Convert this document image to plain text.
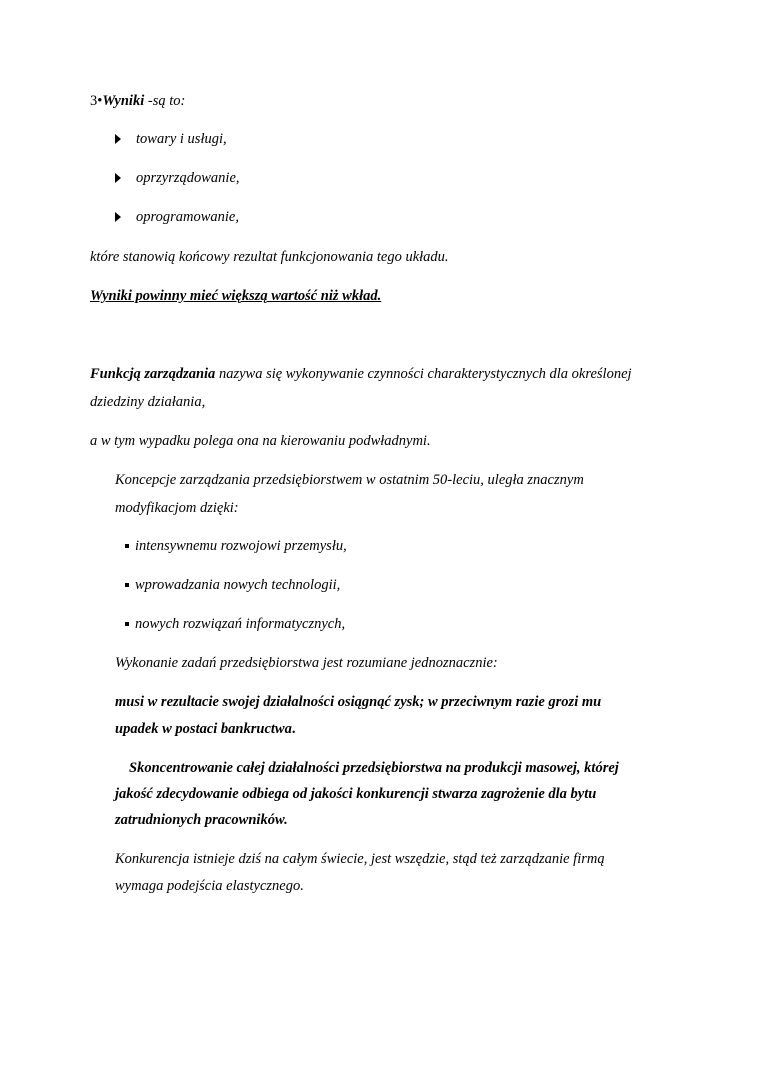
3•Wyniki -są to:
towary i usługi,
oprzyrządowanie,
oprogramowanie,
które stanowią końcowy rezultat funkcjonowania tego układu.
Wyniki powinny mieć większą wartość niż wkład.
Funkcją zarządzania nazywa się wykonywanie czynności charakterystycznych dla określonej
dziedziny działania,
a w tym wypadku polega ona na kierowaniu podwładnymi.
Koncepcje zarządzania przedsiębiorstwem w ostatnim 50-leciu, uległa znacznym
modyfikacjom dzięki:
intensywnemu rozwojowi przemysłu,
wprowadzania nowych technologii,
nowych rozwiązań informatycznych,
Wykonanie zadań przedsiębiorstwa jest rozumiane jednoznacznie:
musi w rezultacie swojej działalności osiągnąć zysk; w przeciwnym razie grozi mu
upadek w postaci bankructwa.
Skoncentrowanie całej działalności przedsiębiorstwa na produkcji masowej, której
jakość zdecydowanie odbiega od jakości konkurencji stwarza zagrożenie dla bytu
zatrudnionych pracowników.
Konkurencja istnieje dziś na całym świecie, jest wszędzie, stąd też zarządzanie firmą
wymaga podejścia elastycznego.
